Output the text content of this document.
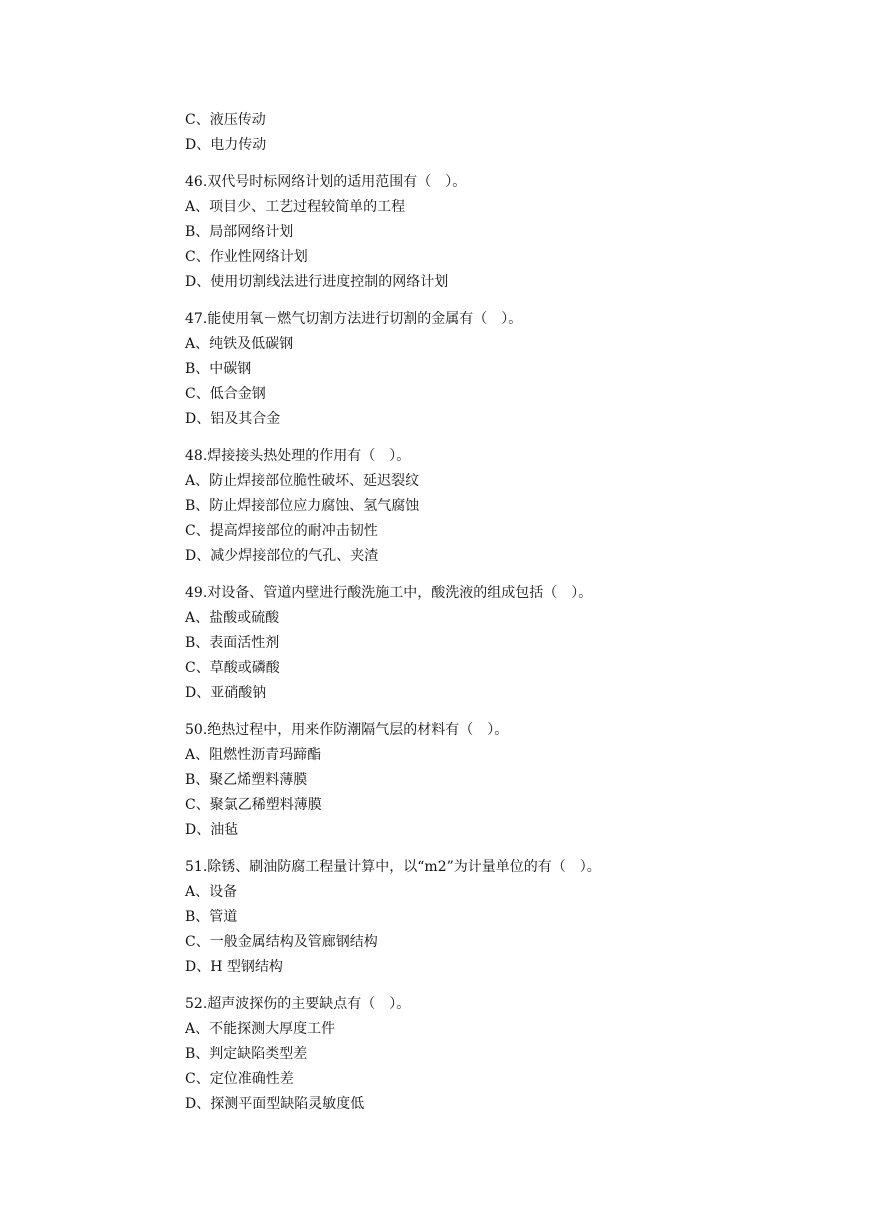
C、液压传动
D、电力传动
46.双代号时标网络计划的适用范围有（　）。
A、项目少、工艺过程较简单的工程
B、局部网络计划
C、作业性网络计划
D、使用切割线法进行进度控制的网络计划
47.能使用氧－燃气切割方法进行切割的金属有（　）。
A、纯铁及低碳钢
B、中碳钢
C、低合金钢
D、铝及其合金
48.焊接接头热处理的作用有（　）。
A、防止焊接部位脆性破坏、延迟裂纹
B、防止焊接部位应力腐蚀、氢气腐蚀
C、提高焊接部位的耐冲击韧性
D、减少焊接部位的气孔、夹渣
49.对设备、管道内壁进行酸洗施工中，酸洗液的组成包括（　）。
A、盐酸或硫酸
B、表面活性剂
C、草酸或磷酸
D、亚硝酸钠
50.绝热过程中，用来作防潮隔气层的材料有（　）。
A、阻燃性沥青玛蹄酯
B、聚乙烯塑料薄膜
C、聚氯乙稀塑料薄膜
D、油毡
51.除锈、刷油防腐工程量计算中，以“m2”为计量单位的有（　）。
A、设备
B、管道
C、一般金属结构及管廊钢结构
D、H 型钢结构
52.超声波探伤的主要缺点有（　）。
A、不能探测大厚度工件
B、判定缺陷类型差
C、定位准确性差
D、探测平面型缺陷灵敏度低
